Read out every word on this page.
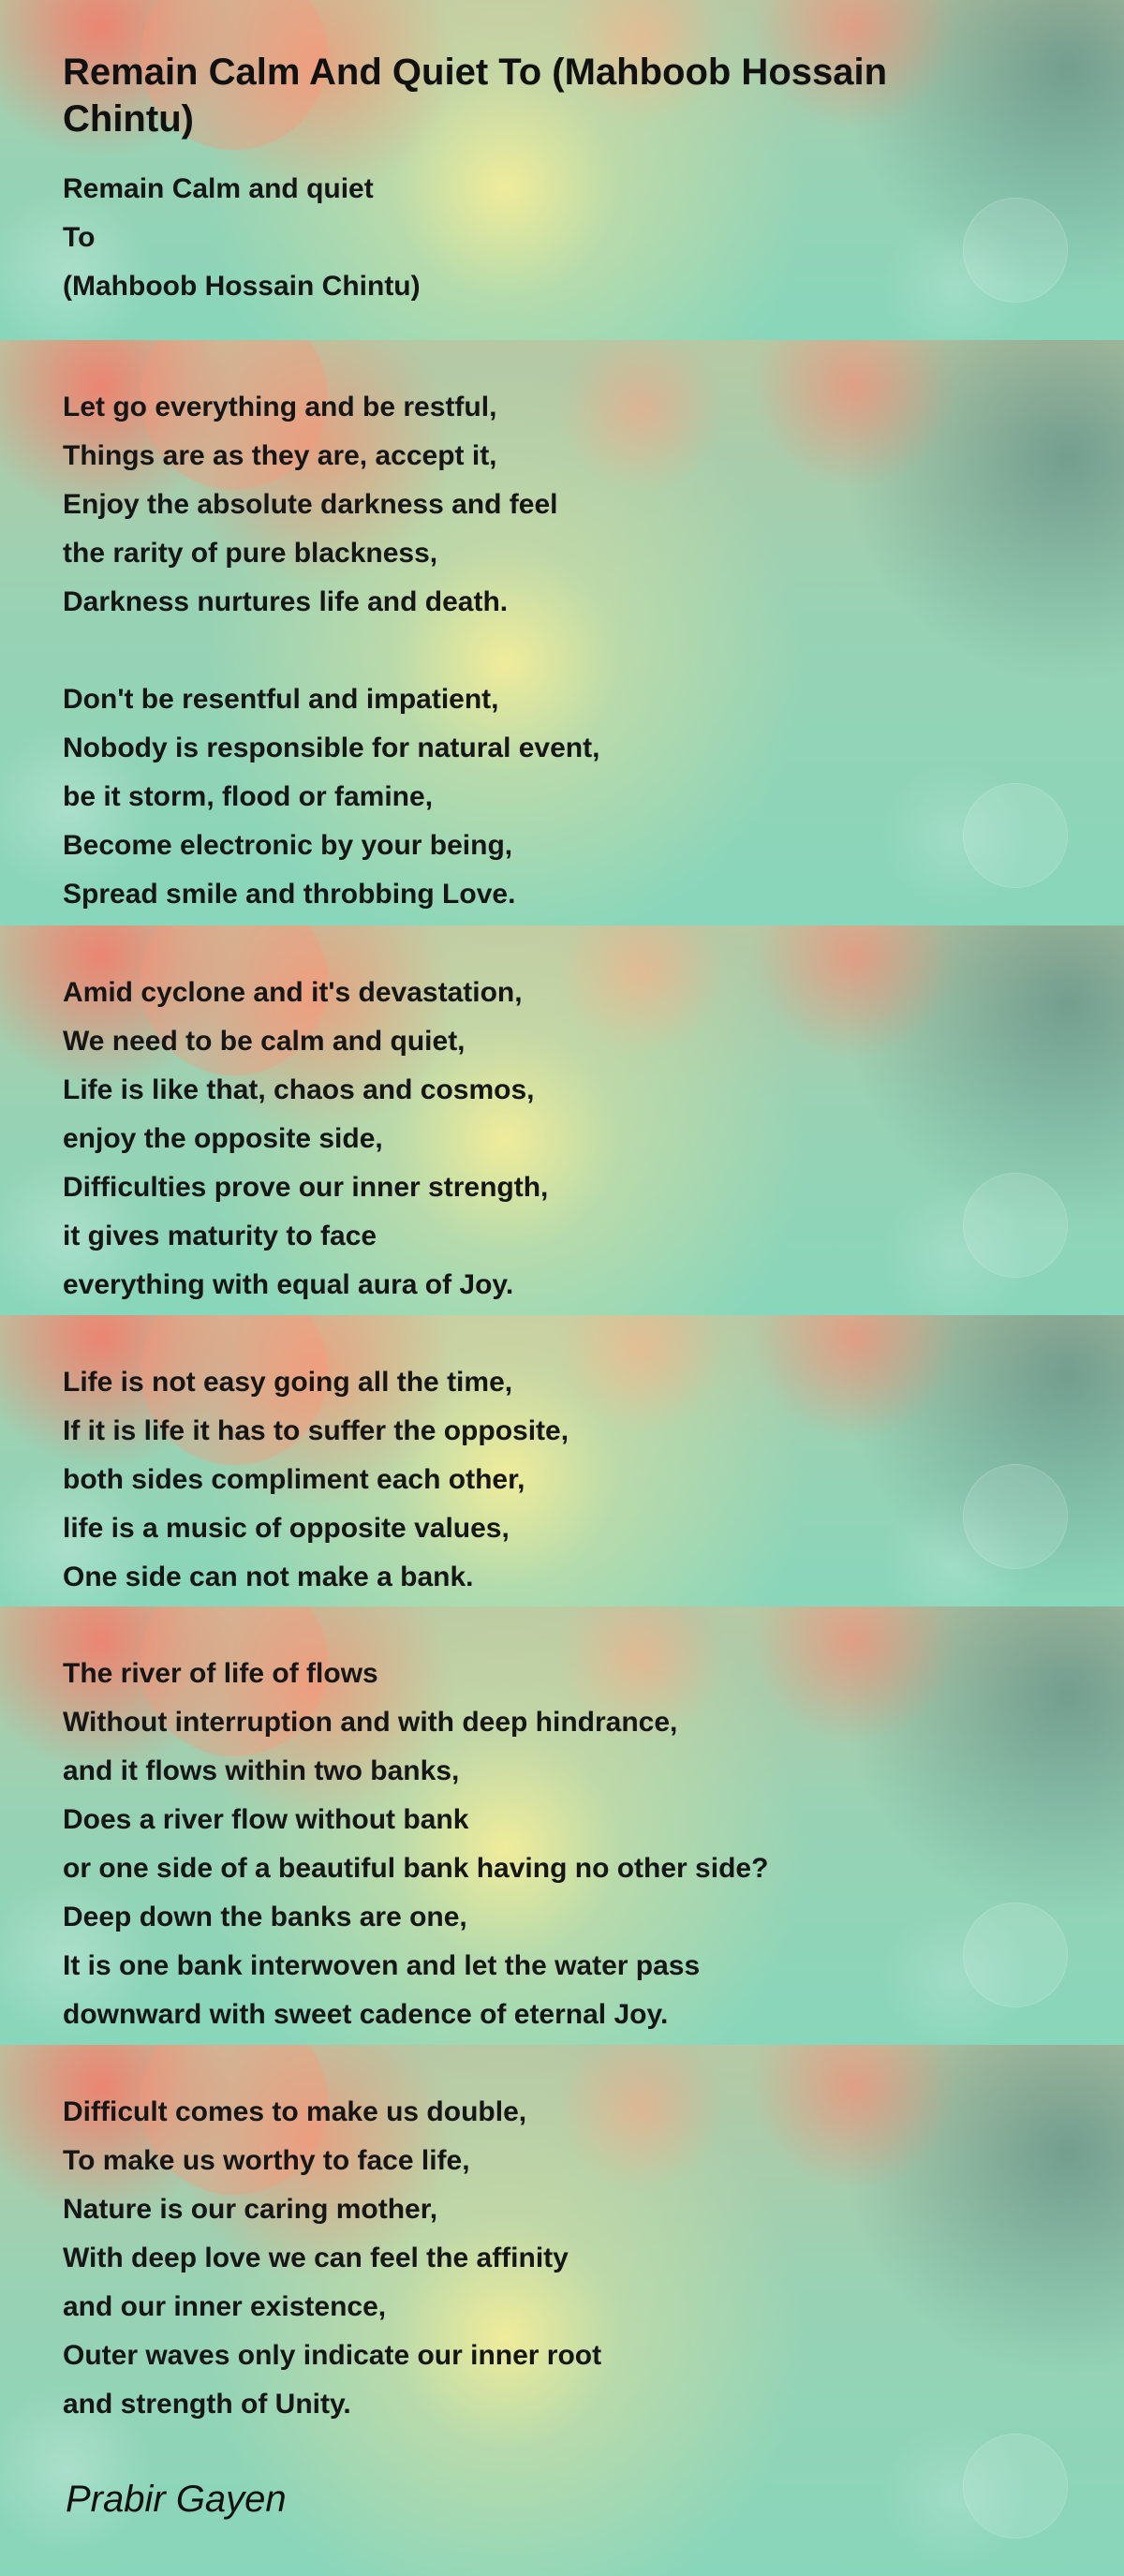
Remain Calm And Quiet To (Mahboob Hossain Chintu)
Remain Calm and quiet
To
(Mahboob Hossain Chintu)
Let go everything and be restful,
Things are as they are, accept it,
Enjoy the absolute darkness and feel
the rarity of pure blackness,
Darkness nurtures life and death.
Don't be resentful and impatient,
Nobody is responsible for natural event,
be it storm, flood or famine,
Become electronic by your being,
Spread smile and throbbing Love.
Amid cyclone and it's devastation,
We need to be calm and quiet,
Life is like that, chaos and cosmos,
enjoy the opposite side,
Difficulties prove our inner strength,
it gives maturity to face
everything with equal aura of Joy.
Life is not easy going all the time,
If it is life it has to suffer the opposite,
both sides compliment each other,
life is a music of opposite values,
One side can not make a bank.
The river of life of flows
Without interruption and with deep hindrance,
and it flows within two banks,
Does a river flow without bank
or one side of a beautiful bank having no other side?
Deep down the banks are one,
It is one bank interwoven and let the water pass
downward with sweet cadence of eternal Joy.
Difficult comes to make us double,
To make us worthy to face life,
Nature is our caring mother,
With deep love we can feel the affinity
and our inner existence,
Outer waves only indicate our inner root
and strength of Unity.
Prabir Gayen
